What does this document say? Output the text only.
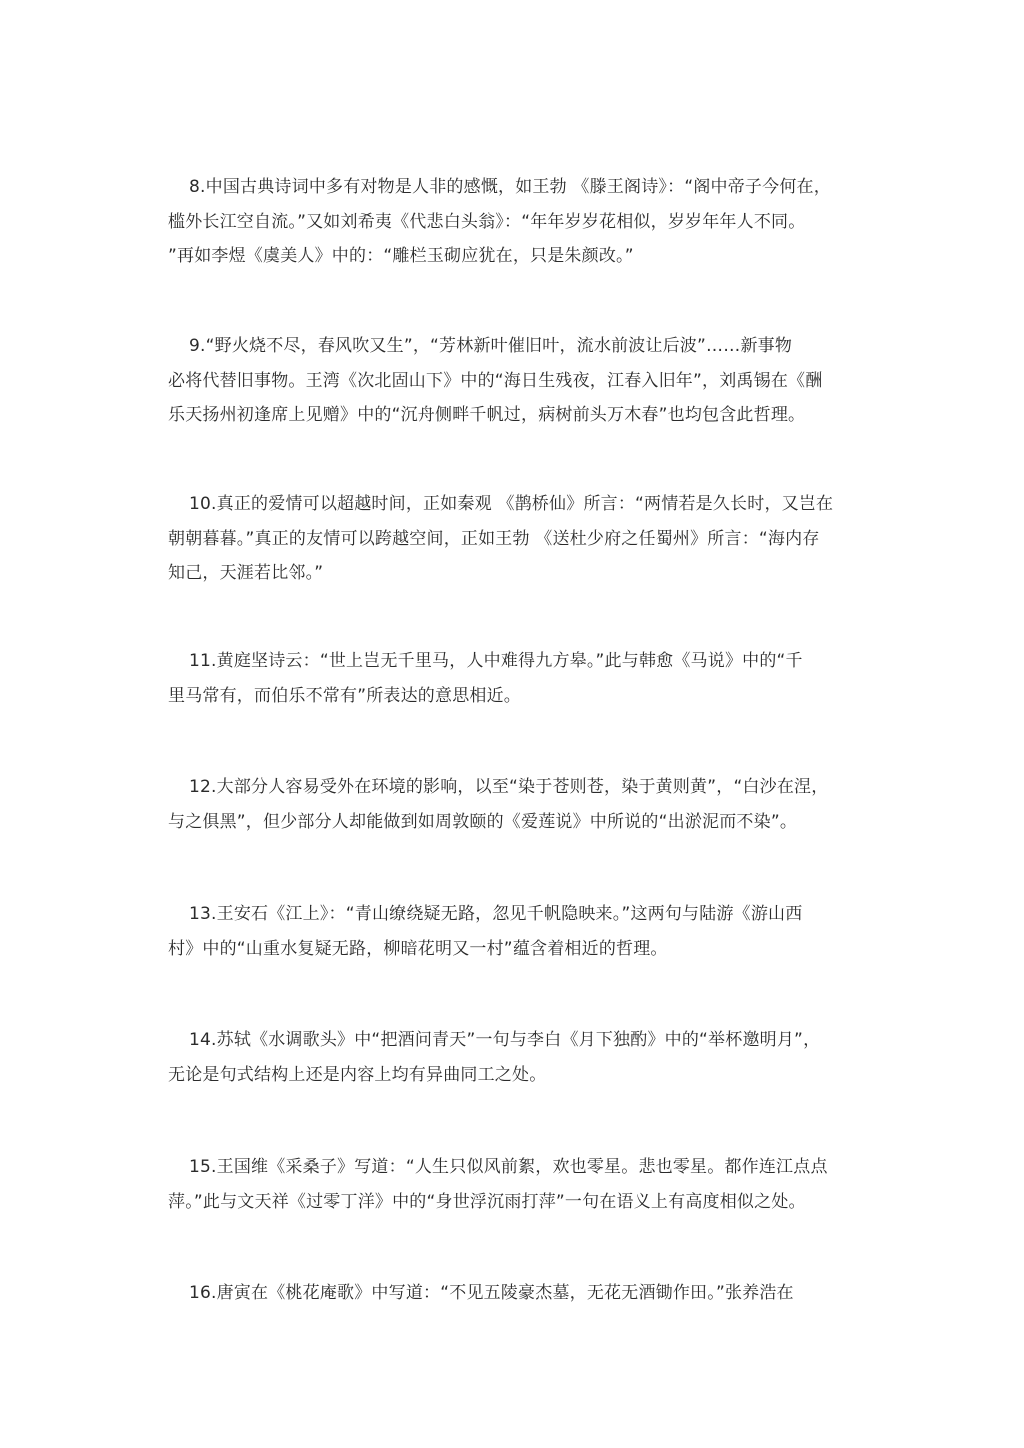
8.中国古典诗词中多有对物是人非的感慨，如王勃 《滕王阁诗》：“阁中帝子今何在，
槛外长江空自流。”又如刘希夷《代悲白头翁》：“年年岁岁花相似，岁岁年年人不同。
”再如李煜《虞美人》中的：“雕栏玉砌应犹在，只是朱颜改。”
9.“野火烧不尽，春风吹又生”，“芳林新叶催旧叶，流水前波让后波”……新事物
必将代替旧事物。王湾《次北固山下》中的“海日生残夜，江春入旧年”，刘禹锡在《酬
乐天扬州初逢席上见赠》中的“沉舟侧畔千帆过，病树前头万木春”也均包含此哲理。
10.真正的爱情可以超越时间，正如秦观 《鹊桥仙》所言：“两情若是久长时，又岂在
朝朝暮暮。”真正的友情可以跨越空间，正如王勃 《送杜少府之任蜀州》所言：“海内存
知己，天涯若比邻。”
11.黄庭坚诗云：“世上岂无千里马，人中难得九方皋。”此与韩愈《马说》中的“千
里马常有，而伯乐不常有”所表达的意思相近。
12.大部分人容易受外在环境的影响，以至“染于苍则苍，染于黄则黄”，“白沙在涅，
与之俱黑”，但少部分人却能做到如周敦颐的《爱莲说》中所说的“出淤泥而不染”。
13.王安石《江上》：“青山缭绕疑无路，忽见千帆隐映来。”这两句与陆游《游山西
村》中的“山重水复疑无路，柳暗花明又一村”蕴含着相近的哲理。
14.苏轼《水调歌头》中“把酒问青天”一句与李白《月下独酌》中的“举杯邀明月”，
无论是句式结构上还是内容上均有异曲同工之处。
15.王国维《采桑子》写道：“人生只似风前絮，欢也零星。悲也零星。都作连江点点
萍。”此与文天祥《过零丁洋》中的“身世浮沉雨打萍”一句在语义上有高度相似之处。
16.唐寅在《桃花庵歌》中写道：“不见五陵豪杰墓，无花无酒锄作田。”张养浩在
